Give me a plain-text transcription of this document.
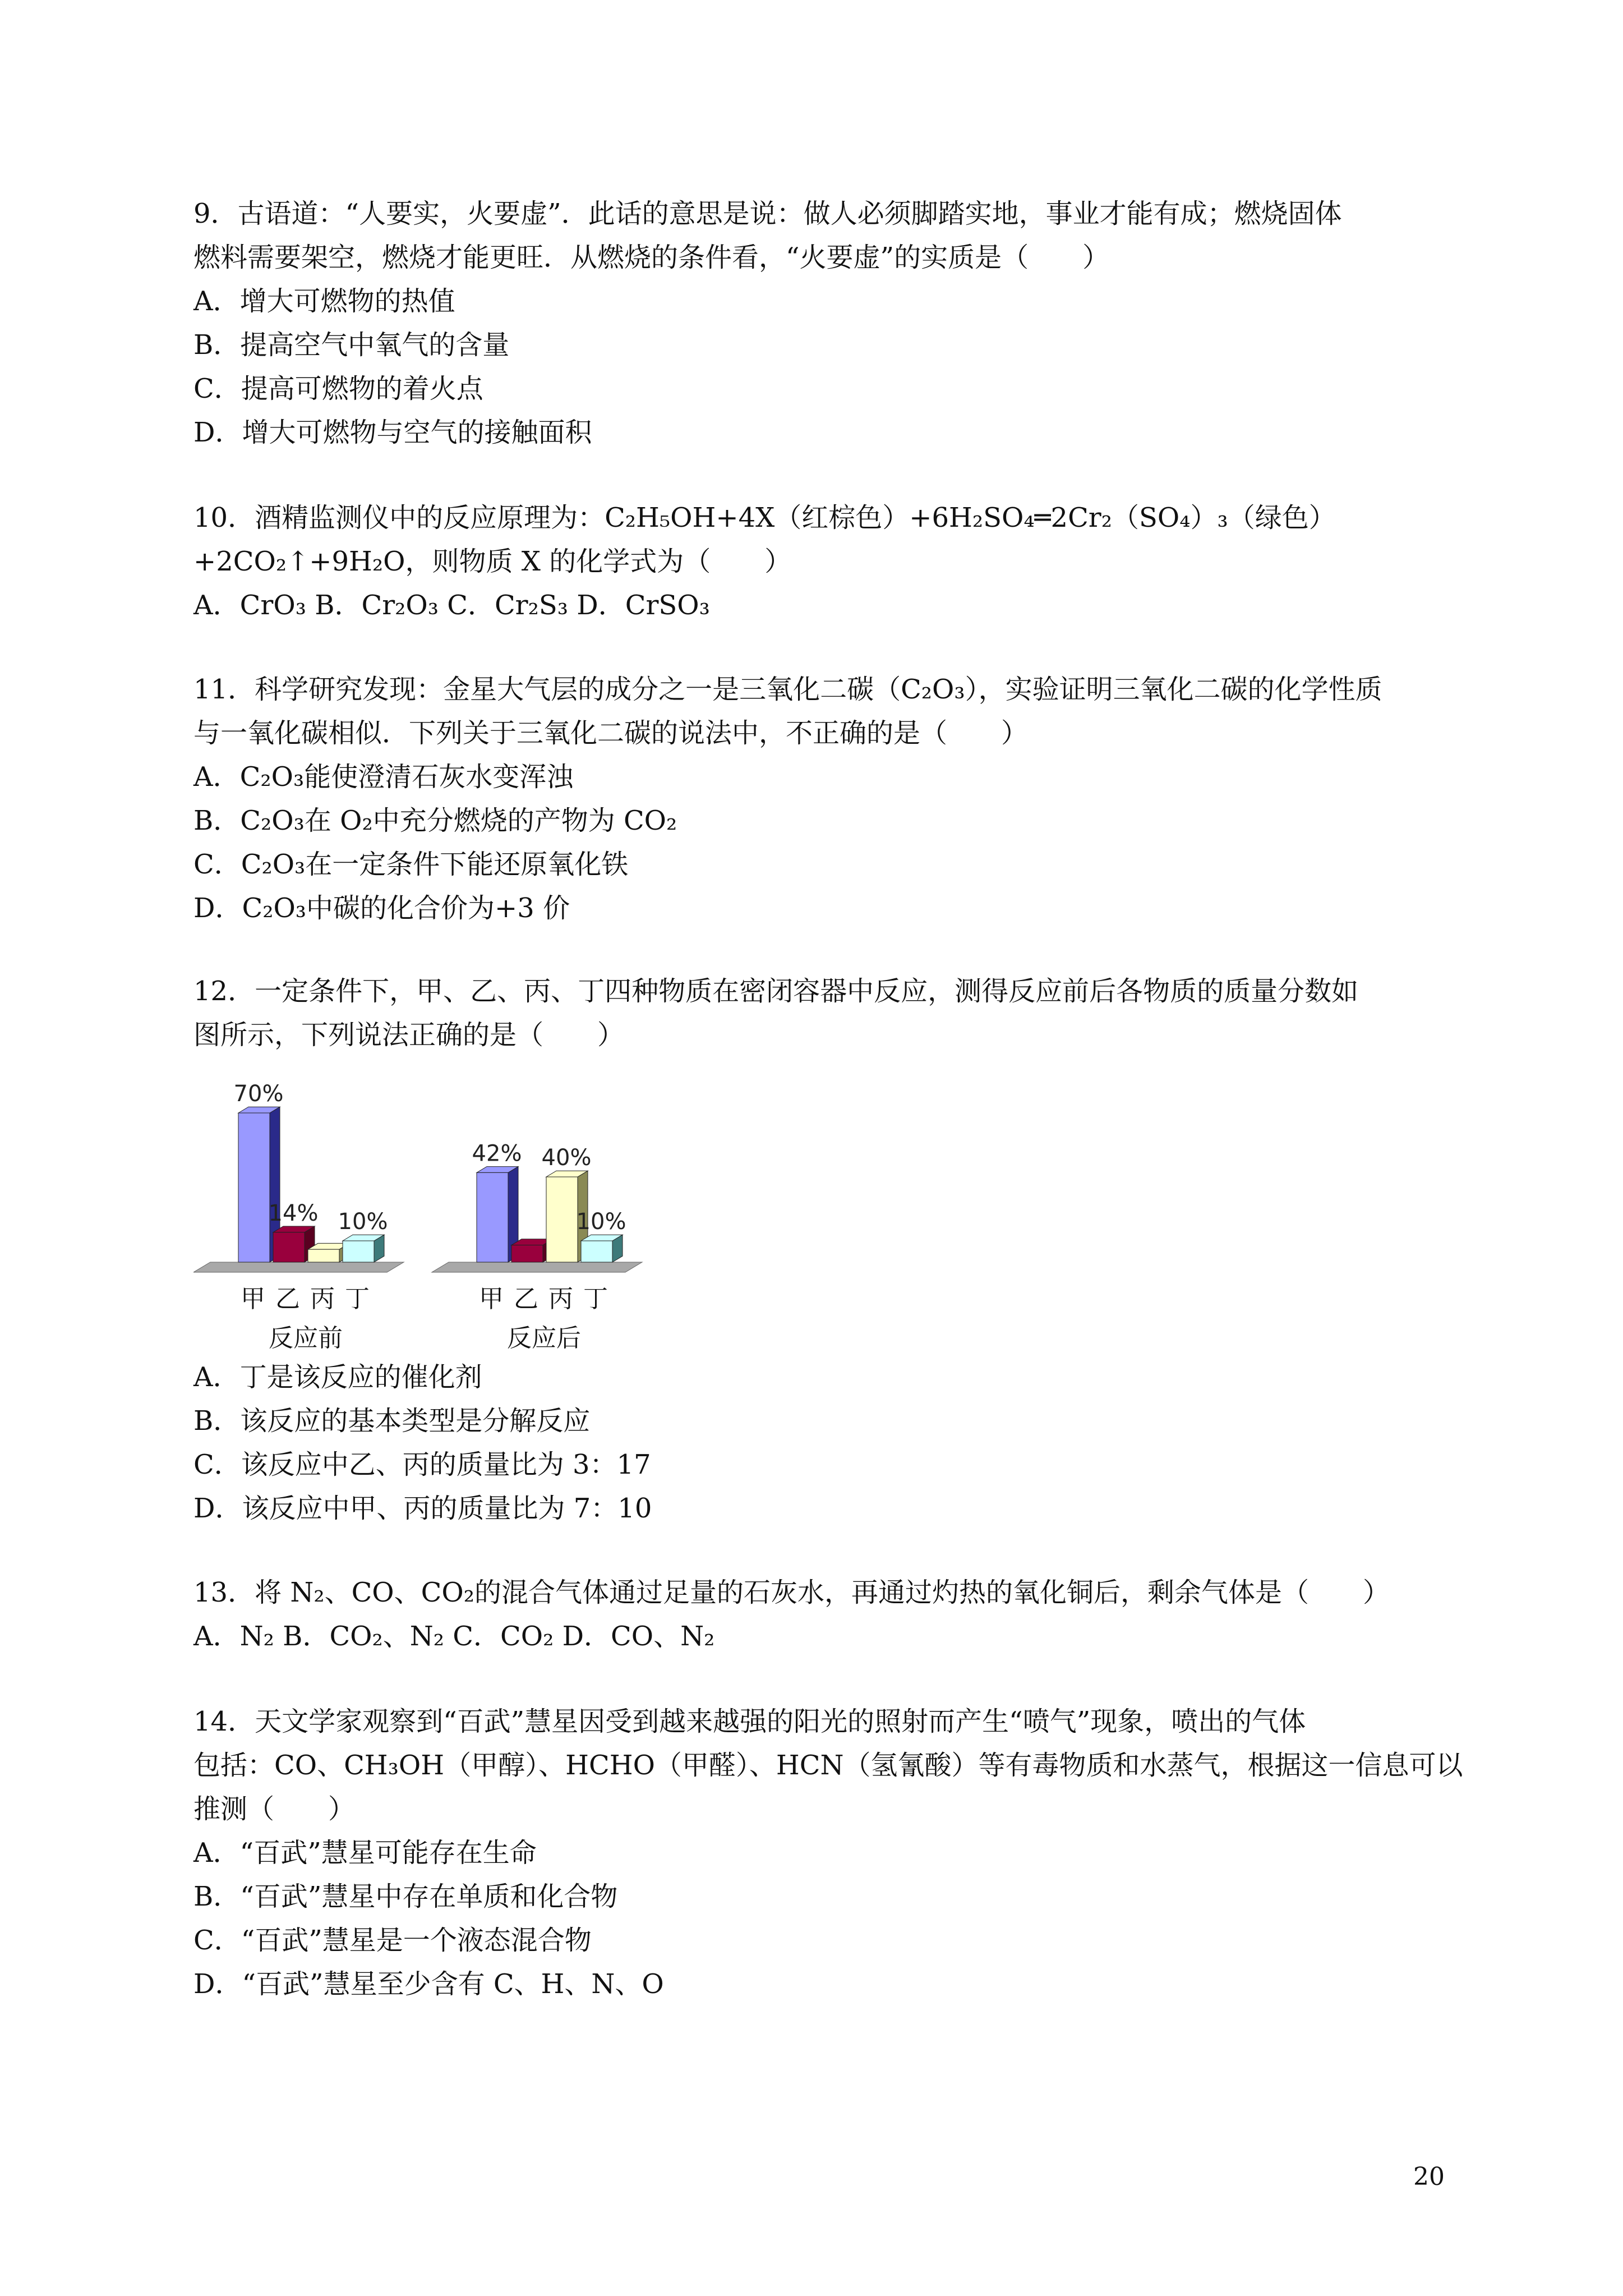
9．古语道：“人要实，火要虚”．此话的意思是说：做人必须脚踏实地，事业才能有成；燃烧固体
燃料需要架空，燃烧才能更旺．从燃烧的条件看，“火要虚”的实质是（　　）
A．增大可燃物的热值
B．提高空气中氧气的含量
C．提高可燃物的着火点
D．增大可燃物与空气的接触面积
10．酒精监测仪中的反应原理为：C₂H₅OH+4X（红棕色）+6H₂SO₄═2Cr₂（SO₄）₃（绿色）
+2CO₂↑+9H₂O，则物质 X 的化学式为（　　）
A．CrO₃ B．Cr₂O₃ C．Cr₂S₃ D．CrSO₃
11．科学研究发现：金星大气层的成分之一是三氧化二碳（C₂O₃），实验证明三氧化二碳的化学性质
与一氧化碳相似．下列关于三氧化二碳的说法中，不正确的是（　　）
A．C₂O₃能使澄清石灰水变浑浊
B．C₂O₃在 O₂中充分燃烧的产物为 CO₂
C．C₂O₃在一定条件下能还原氧化铁
D．C₂O₃中碳的化合价为+3 价
12．一定条件下，甲、乙、丙、丁四种物质在密闭容器中反应，测得反应前后各物质的质量分数如
图所示，下列说法正确的是（　　）
70%
14% 10%
甲 乙 丙 丁
反应前
42% 40%
10%
甲 乙 丙 丁
反应后
A．丁是该反应的催化剂
B．该反应的基本类型是分解反应
C．该反应中乙、丙的质量比为 3：17
D．该反应中甲、丙的质量比为 7：10
13．将 N₂、CO、CO₂的混合气体通过足量的石灰水，再通过灼热的氧化铜后，剩余气体是（　　）
A．N₂ B．CO₂、N₂ C．CO₂ D．CO、N₂
14．天文学家观察到“百武”慧星因受到越来越强的阳光的照射而产生“喷气”现象，喷出的气体
包括：CO、CH₃OH（甲醇）、HCHO（甲醛）、HCN（氢氰酸）等有毒物质和水蒸气，根据这一信息可以
推测（　　）
A．“百武”慧星可能存在生命
B．“百武”慧星中存在单质和化合物
C．“百武”慧星是一个液态混合物
D．“百武”慧星至少含有 C、H、N、O
20
